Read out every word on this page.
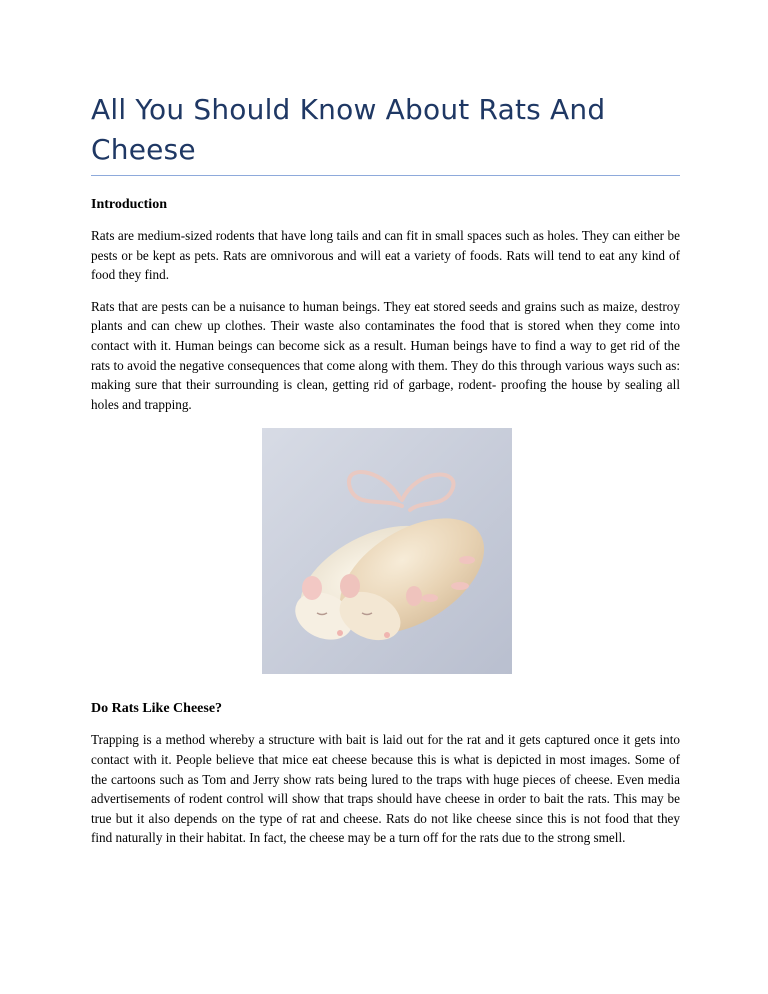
All You Should Know About Rats And Cheese
Introduction

Rats are medium-sized rodents that have long tails and can fit in small spaces such as holes. They can either be pests or be kept as pets. Rats are omnivorous and will eat a variety of foods. Rats will tend to eat any kind of food they find.

Rats that are pests can be a nuisance to human beings. They eat stored seeds and grains such as maize, destroy plants and can chew up clothes. Their waste also contaminates the food that is stored when they come into contact with it. Human beings can become sick as a result. Human beings have to find a way to get rid of the rats to avoid the negative consequences that come along with them. They do this through various ways such as: making sure that their surrounding is clean, getting rid of garbage, rodent- proofing the house by sealing all holes and trapping.

Do Rats Like Cheese?

Trapping is a method whereby a structure with bait is laid out for the rat and it gets captured once it gets into contact with it. People believe that mice eat cheese because this is what is depicted in most images. Some of the cartoons such as Tom and Jerry show rats being lured to the traps with huge pieces of cheese. Even media advertisements of rodent control will show that traps should have cheese in order to bait the rats. This may be true but it also depends on the type of rat and cheese. Rats do not like cheese since this is not food that they find naturally in their habitat. In fact, the cheese may be a turn off for the rats due to the strong smell.
